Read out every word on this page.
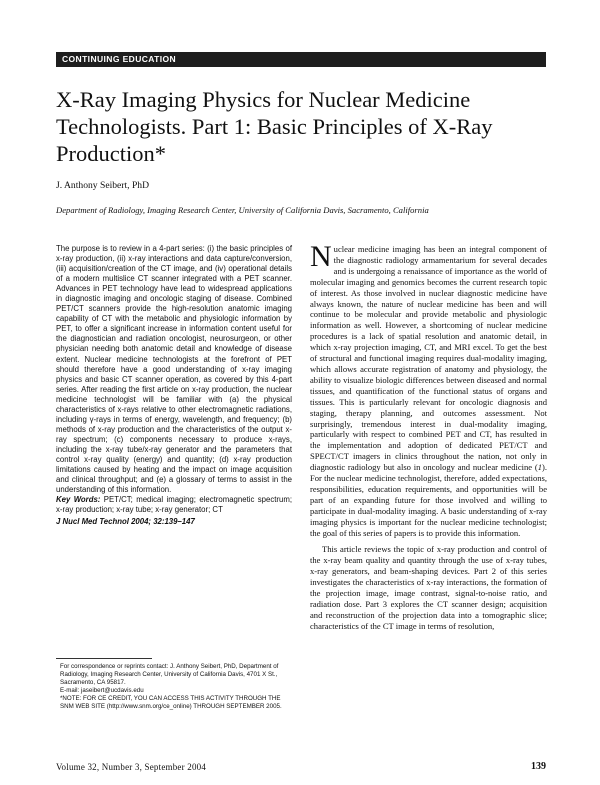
CONTINUING EDUCATION
X-Ray Imaging Physics for Nuclear Medicine Technologists. Part 1: Basic Principles of X-Ray Production*
J. Anthony Seibert, PhD
Department of Radiology, Imaging Research Center, University of California Davis, Sacramento, California

The purpose is to review in a 4-part series: (i) the basic principles of x-ray production, (ii) x-ray interactions and data capture/conversion, (iii) acquisition/creation of the CT image, and (iv) operational details of a modern multislice CT scanner integrated with a PET scanner. Advances in PET technology have lead to widespread applications in diagnostic imaging and oncologic staging of disease. Combined PET/CT scanners provide the high-resolution anatomic imaging capability of CT with the metabolic and physiologic information by PET, to offer a significant increase in information content useful for the diagnostician and radiation oncologist, neurosurgeon, or other physician needing both anatomic detail and knowledge of disease extent. Nuclear medicine technologists at the forefront of PET should therefore have a good understanding of x-ray imaging physics and basic CT scanner operation, as covered by this 4-part series. After reading the first article on x-ray production, the nuclear medicine technologist will be familiar with (a) the physical characteristics of x-rays relative to other electromagnetic radiations, including γ-rays in terms of energy, wavelength, and frequency; (b) methods of x-ray production and the characteristics of the output x-ray spectrum; (c) components necessary to produce x-rays, including the x-ray tube/x-ray generator and the parameters that control x-ray quality (energy) and quantity; (d) x-ray production limitations caused by heating and the impact on image acquisition and clinical throughput; and (e) a glossary of terms to assist in the understanding of this information.

Key Words: PET/CT; medical imaging; electromagnetic spectrum; x-ray production; x-ray tube; x-ray generator; CT

J Nucl Med Technol 2004; 32:139–147

Nuclear medicine imaging has been an integral component of the diagnostic radiology armamentarium for several decades and is undergoing a renaissance of importance as the world of molecular imaging and genomics becomes the current research topic of interest. As those involved in nuclear diagnostic medicine have always known, the nature of nuclear medicine has been and will continue to be molecular and provide metabolic and physiologic information as well. However, a shortcoming of nuclear medicine procedures is a lack of spatial resolution and anatomic detail, in which x-ray projection imaging, CT, and MRI excel. To get the best of structural and functional imaging requires dual-modality imaging, which allows accurate registration of anatomy and physiology, the ability to visualize biologic differences between diseased and normal tissues, and quantification of the functional status of organs and tissues. This is particularly relevant for oncologic diagnosis and staging, therapy planning, and outcomes assessment. Not surprisingly, tremendous interest in dual-modality imaging, particularly with respect to combined PET and CT, has resulted in the implementation and adoption of dedicated PET/CT and SPECT/CT imagers in clinics throughout the nation, not only in diagnostic radiology but also in oncology and nuclear medicine (1). For the nuclear medicine technologist, therefore, added expectations, responsibilities, education requirements, and opportunities will be part of an expanding future for those involved and willing to participate in dual-modality imaging. A basic understanding of x-ray imaging physics is important for the nuclear medicine technologist; the goal of this series of papers is to provide this information.

This article reviews the topic of x-ray production and control of the x-ray beam quality and quantity through the use of x-ray tubes, x-ray generators, and beam-shaping devices. Part 2 of this series investigates the characteristics of x-ray interactions, the formation of the projection image, image contrast, signal-to-noise ratio, and radiation dose. Part 3 explores the CT scanner design; acquisition and reconstruction of the projection data into a tomographic slice; characteristics of the CT image in terms of resolution,

For correspondence or reprints contact: J. Anthony Seibert, PhD, Department of Radiology, Imaging Research Center, University of California Davis, 4701 X St., Sacramento, CA 95817.

E-mail: jaseibert@ucdavis.edu

*NOTE: FOR CE CREDIT, YOU CAN ACCESS THIS ACTIVITY THROUGH THE SNM WEB SITE (http://www.snm.org/ce_online) THROUGH SEPTEMBER 2005.

Volume 32, Number 3, September 2004	139
